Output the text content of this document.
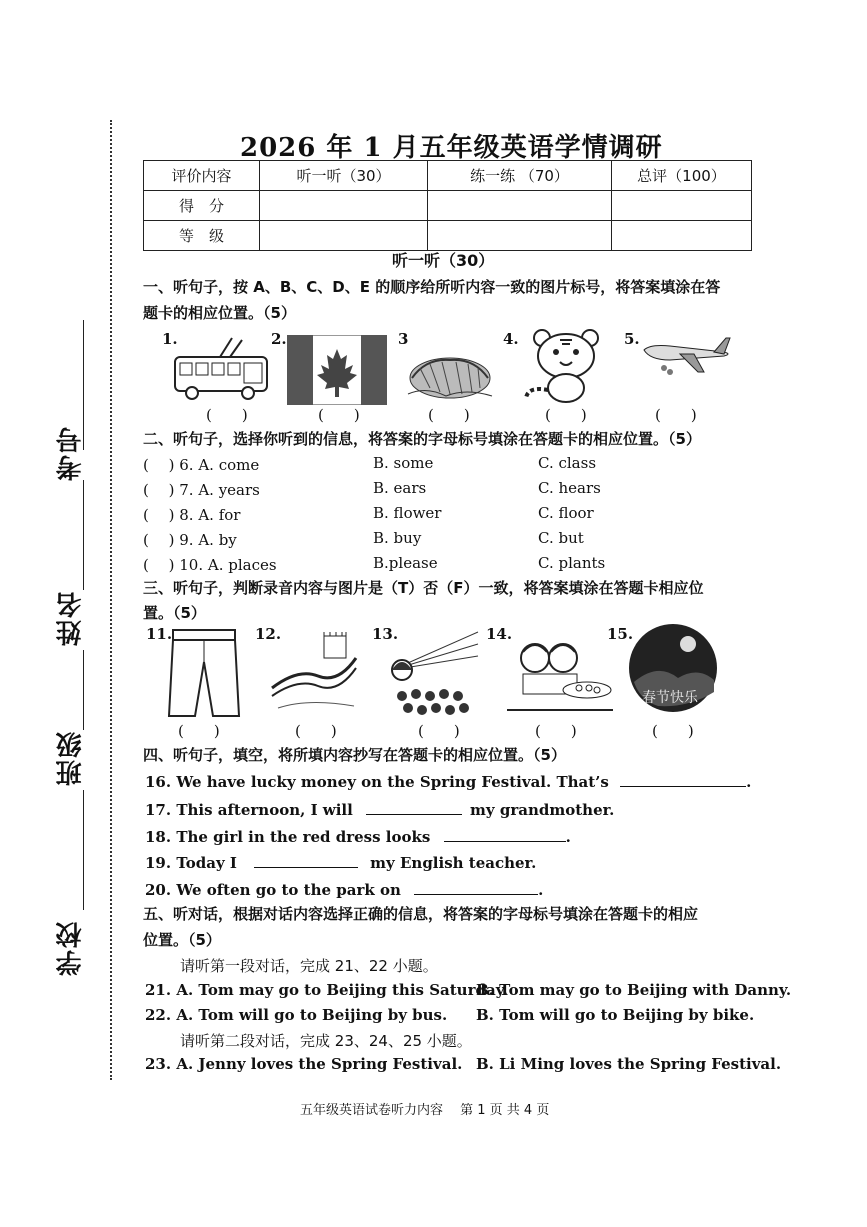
学校
班级
姓名
考号
2026 年 1 月五年级英语学情调研
评价内容	听一听（30）	练一练 （70）	总评（100）
得　分			
等　级			
听一听（30）
一、听句子，按 A、B、C、D、E 的顺序给所听内容一致的图片标号，将答案填涂在答
题卡的相应位置。（5）
1.	2.	3	4.	5.
(　　)	(　　)	(　　)	(　　)	(　　)
二、听句子，选择你听到的信息，将答案的字母标号填涂在答题卡的相应位置。（5）
(　 ) 6. A. come	B. some	C. class
(　 ) 7. A. years	B. ears	C. hears
(　 ) 8. A. for	B. flower	C. floor
(　 ) 9. A. by	B. buy	C. but
(　 ) 10. A. places	B.please	C. plants
三、听句子，判断录音内容与图片是（T）否（F）一致，将答案填涂在答题卡相应位
置。（5）
11.	12.	13.	14.	15.
春节快乐
(　　)	(　　)	(　　)	(　　)	(　　)
四、听句子，填空，将所填内容抄写在答题卡的相应位置。（5）
16. We have lucky money on the Spring Festival. That’s	.
17. This afternoon, I will	my grandmother.
18. The girl in the red dress looks	.
19. Today I	my English teacher.
20. We often go to the park on	.
五、听对话，根据对话内容选择正确的信息，将答案的字母标号填涂在答题卡的相应
位置。（5）
请听第一段对话，完成 21、22 小题。
21. A. Tom may go to Beijing this Saturday.
B. Tom may go to Beijing with Danny.
22. A. Tom will go to Beijing by bus. B. Tom will go to Beijing by bike.
请听第二段对话，完成 23、24、25 小题。
23. A. Jenny loves the Spring Festival. B. Li Ming loves the Spring Festival.
五年级英语试卷听力内容　 第 1 页 共 4 页
